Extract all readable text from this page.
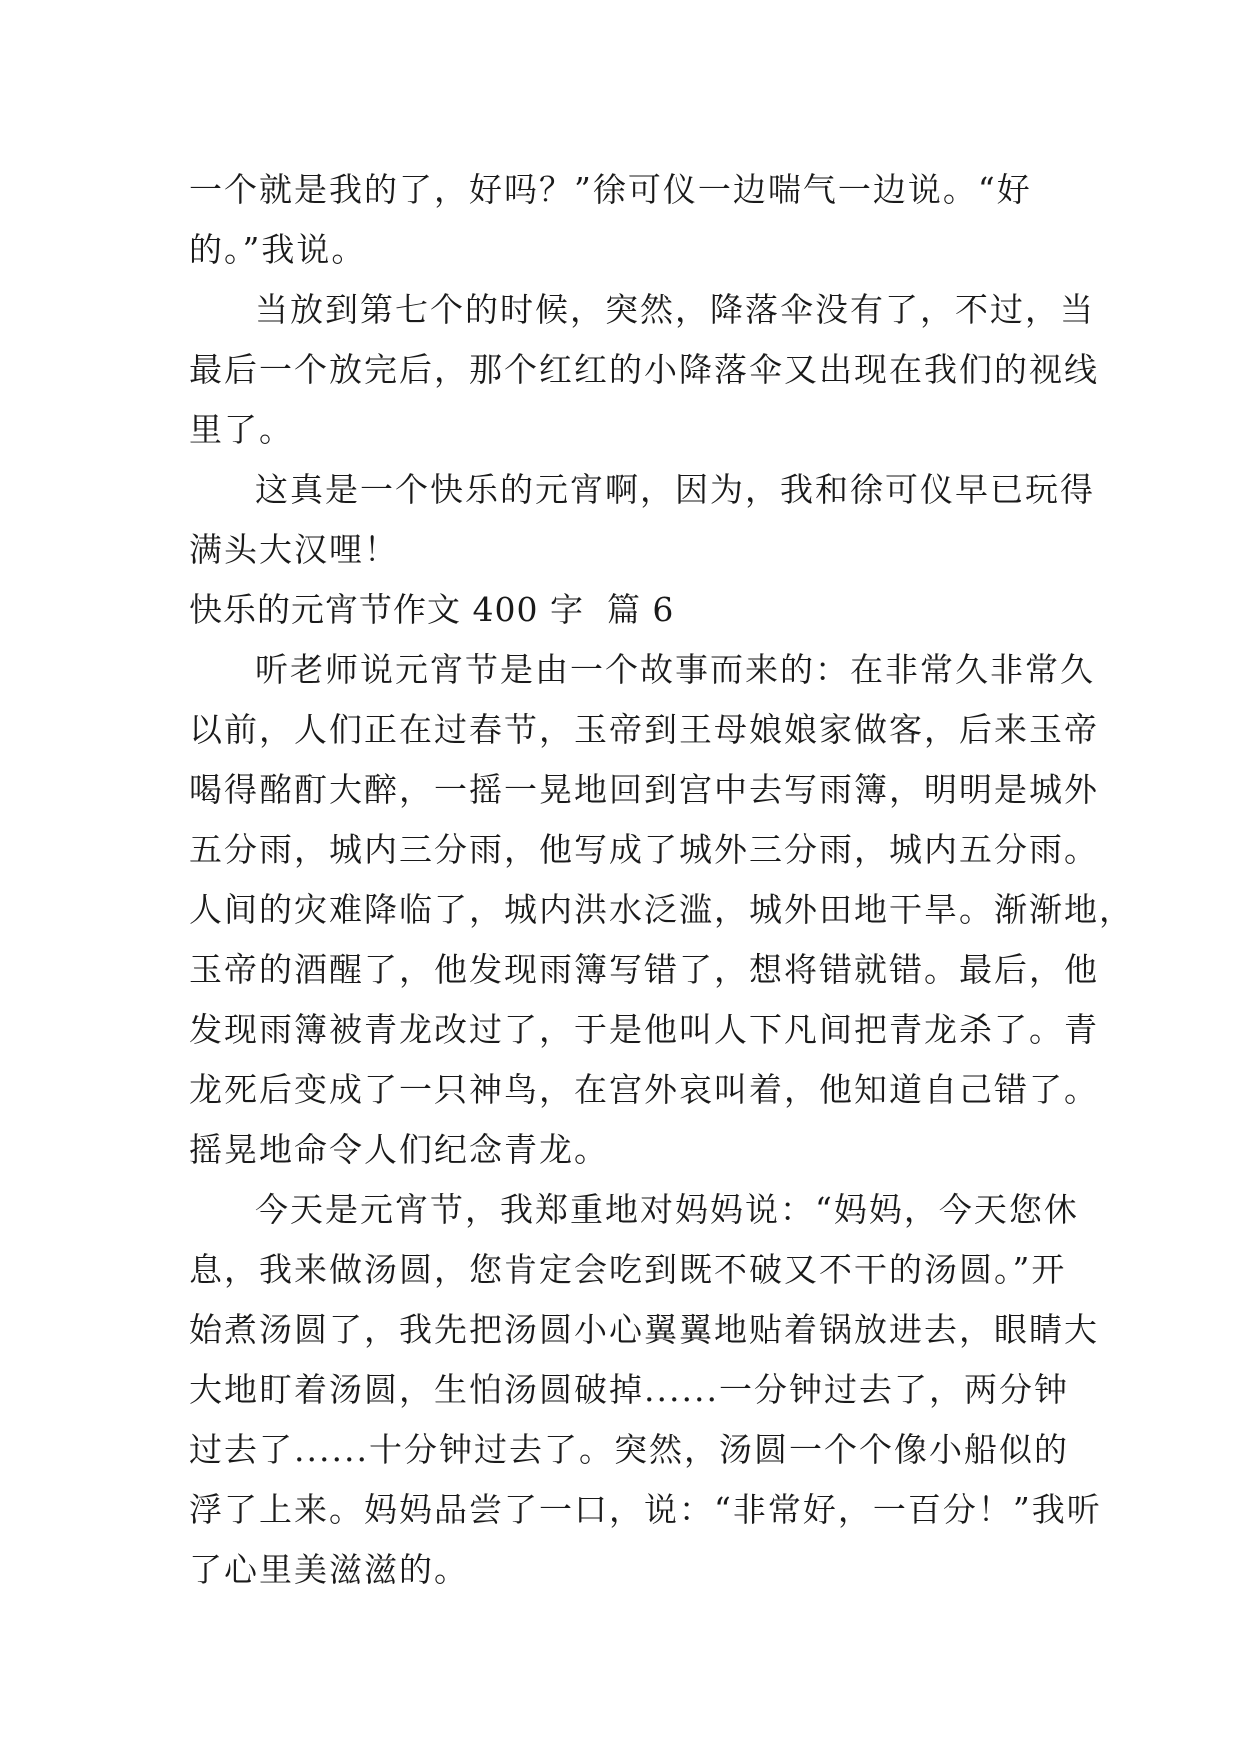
一个就是我的了，好吗？”徐可仪一边喘气一边说。“好
的。”我说。
当放到第七个的时候，突然，降落伞没有了，不过，当
最后一个放完后，那个红红的小降落伞又出现在我们的视线
里了。
这真是一个快乐的元宵啊，因为，我和徐可仪早已玩得
满头大汉哩！
快乐的元宵节作文 400 字  篇 6
听老师说元宵节是由一个故事而来的：在非常久非常久
以前，人们正在过春节，玉帝到王母娘娘家做客，后来玉帝
喝得酩酊大醉，一摇一晃地回到宫中去写雨簿，明明是城外
五分雨，城内三分雨，他写成了城外三分雨，城内五分雨。
人间的灾难降临了，城内洪水泛滥，城外田地干旱。渐渐地，
玉帝的酒醒了，他发现雨簿写错了，想将错就错。最后，他
发现雨簿被青龙改过了，于是他叫人下凡间把青龙杀了。青
龙死后变成了一只神鸟，在宫外哀叫着，他知道自己错了。
摇晃地命令人们纪念青龙。
今天是元宵节，我郑重地对妈妈说：“妈妈，今天您休
息，我来做汤圆，您肯定会吃到既不破又不干的汤圆。”开
始煮汤圆了，我先把汤圆小心翼翼地贴着锅放进去，眼睛大
大地盯着汤圆，生怕汤圆破掉......一分钟过去了，两分钟
过去了......十分钟过去了。突然，汤圆一个个像小船似的
浮了上来。妈妈品尝了一口，说：“非常好，一百分！”我听
了心里美滋滋的。
